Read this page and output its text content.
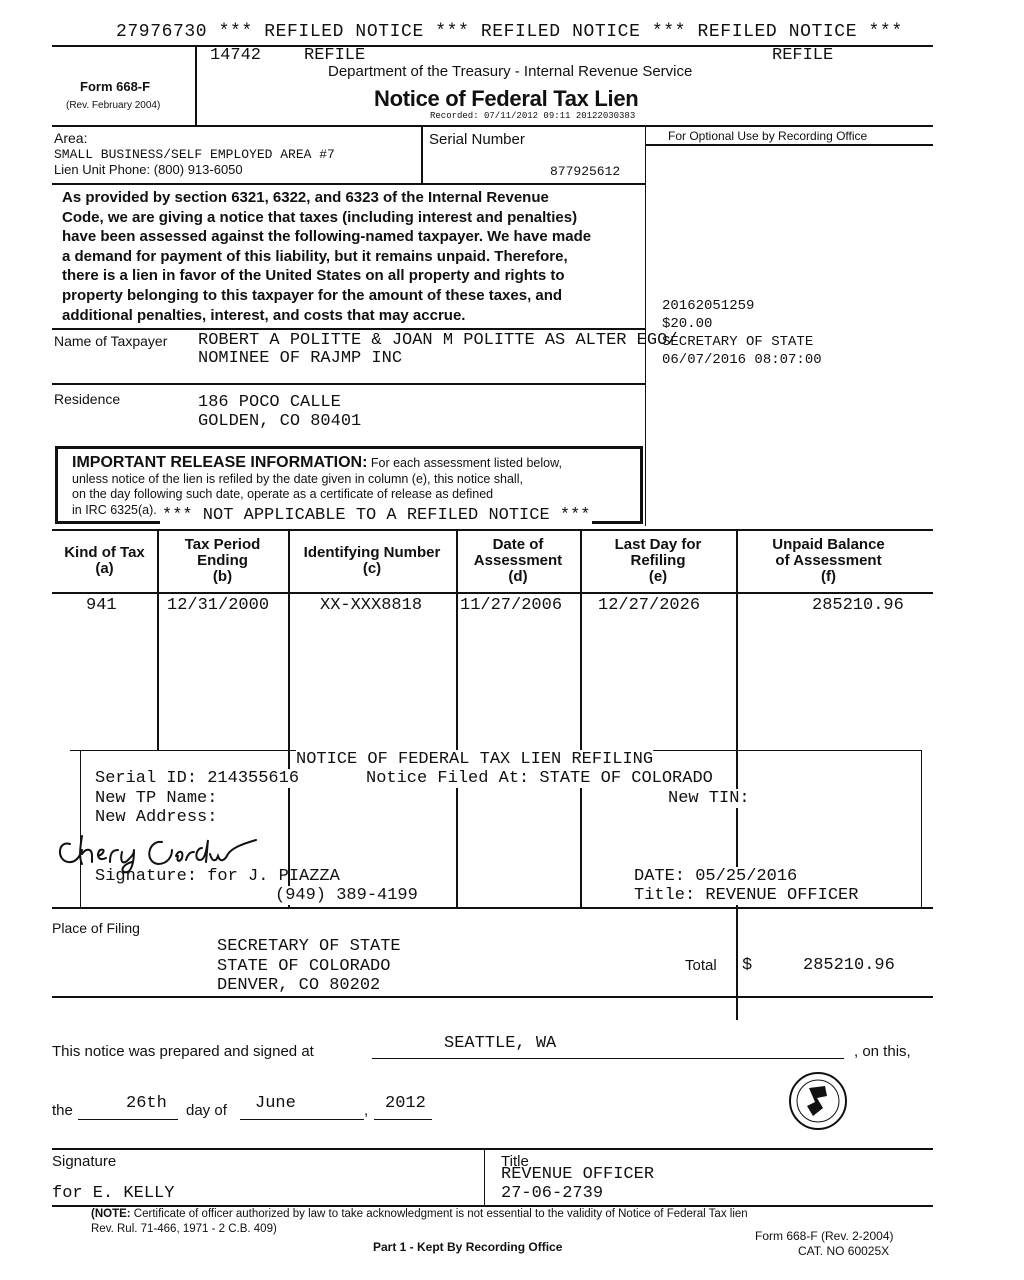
27976730 *** REFILED NOTICE *** REFILED NOTICE *** REFILED NOTICE ***
14742	REFILE	REFILE
Department of the Treasury - Internal Revenue Service
Form 668-F
(Rev. February 2004)	Notice of Federal Tax Lien
Recorded: 07/11/2012 09:11 20122030383
Area:
SMALL BUSINESS/SELF EMPLOYED AREA #7
Lien Unit Phone: (800) 913-6050
Serial Number
877925612
For Optional Use by Recording Office
As provided by section 6321, 6322, and 6323 of the Internal Revenue
Code, we are giving a notice that taxes (including interest and penalties)
have been assessed against the following-named taxpayer. We have made
a demand for payment of this liability, but it remains unpaid. Therefore,
there is a lien in favor of the United States on all property and rights to
property belonging to this taxpayer for the amount of these taxes, and
additional penalties, interest, and costs that may accrue.
20162051259
$20.00
SECRETARY OF STATE
06/07/2016 08:07:00
Name of Taxpayer ROBERT A POLITTE & JOAN M POLITTE AS ALTER EGO/
NOMINEE OF RAJMP INC
Residence	186 POCO CALLE
GOLDEN, CO 80401
IMPORTANT RELEASE INFORMATION: For each assessment listed below,
unless notice of the lien is refiled by the date given in column (e), this notice shall,
on the day following such date, operate as a certificate of release as defined
in IRC 6325(a). *** NOT APPLICABLE TO A REFILED NOTICE ***
Kind of Tax
(a)
Tax Period
Ending
(b)
Identifying Number
(c)
Date of
Assessment
(d)
Last Day for
Refiling
(e)
Unpaid Balance
of Assessment
(f)
941	12/31/2000	XX-XXX8818 11/27/2006 12/27/2026	285210.96
NOTICE OF FEDERAL TAX LIEN REFILING
Serial ID: 214355616	Notice Filed At: STATE OF COLORADO
New TP Name:	New TIN:
New Address:
Signature: for J. PIAZZA	DATE: 05/25/2016
(949) 389-4199	Title: REVENUE OFFICER
Place of Filing
SECRETARY OF STATE
STATE OF COLORADO
DENVER, CO 80202
Total $	285210.96
This notice was prepared and signed at	SEATTLE, WA	, on this,
the	26th day of June	, 2012
Signature
for E. KELLY
Title
REVENUE OFFICER
27-06-2739
(NOTE: Certificate of officer authorized by law to take acknowledgment is not essential to the validity of Notice of Federal Tax lien
Rev. Rul. 71-466, 1971 - 2 C.B. 409)
Part 1 - Kept By Recording Office
Form 668-F (Rev. 2-2004)
CAT. NO 60025X
